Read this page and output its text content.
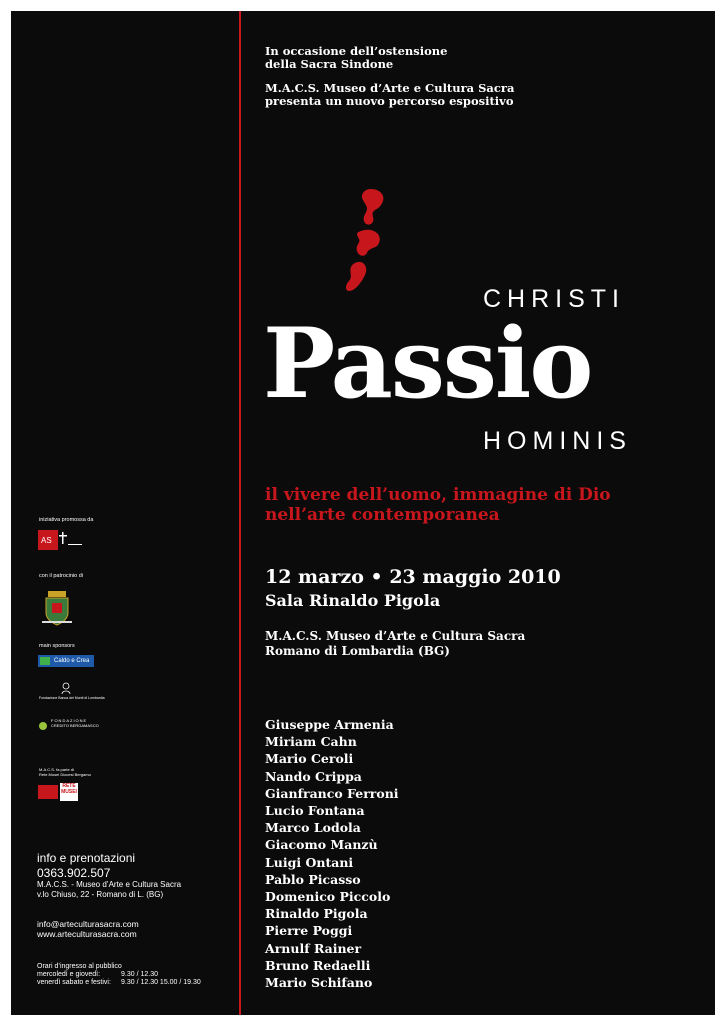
In occasione dell’ostensione
della Sacra Sindone
M.A.C.S. Museo d’Arte e Cultura Sacra
presenta un nuovo percorso espositivo
CHRISTI
Passio
HOMINIS
il vivere dell’uomo, immagine di Dio
nell’arte contemporanea
12 marzo • 23 maggio 2010
Sala Rinaldo Pigola
M.A.C.S. Museo d’Arte e Cultura Sacra
Romano di Lombardia (BG)
Giuseppe Armenia
Miriam Cahn
Mario Ceroli
Nando Crippa
Gianfranco Ferroni
Lucio Fontana
Marco Lodola
Giacomo Manzù
Luigi Ontani
Pablo Picasso
Domenico Piccolo
Rinaldo Pigola
Pierre Poggi
Arnulf Rainer
Bruno Redaelli
Mario Schifano
iniziativa promossa da
AS
con il patrocinio di
main sponsors
Caldo e Crea
Fondazione Banca dei Monti di Lombardia
FONDAZIONE
CREDITO BERGAMASCO
M.A.C.S. fa parte di
Rete Musei Diocesi Bergamo
RETE MUSEI
info e prenotazioni
0363.902.507
M.A.C.S. - Museo d’Arte e Cultura Sacra
v.lo Chiuso, 22 - Romano di L. (BG)
info@arteculturasacra.com
www.arteculturasacra.com
Orari d’ingresso al pubblico
mercoledì e giovedì:	9.30 / 12.30
venerdì sabato e festivi: 9.30 / 12.30 15.00 / 19.30
